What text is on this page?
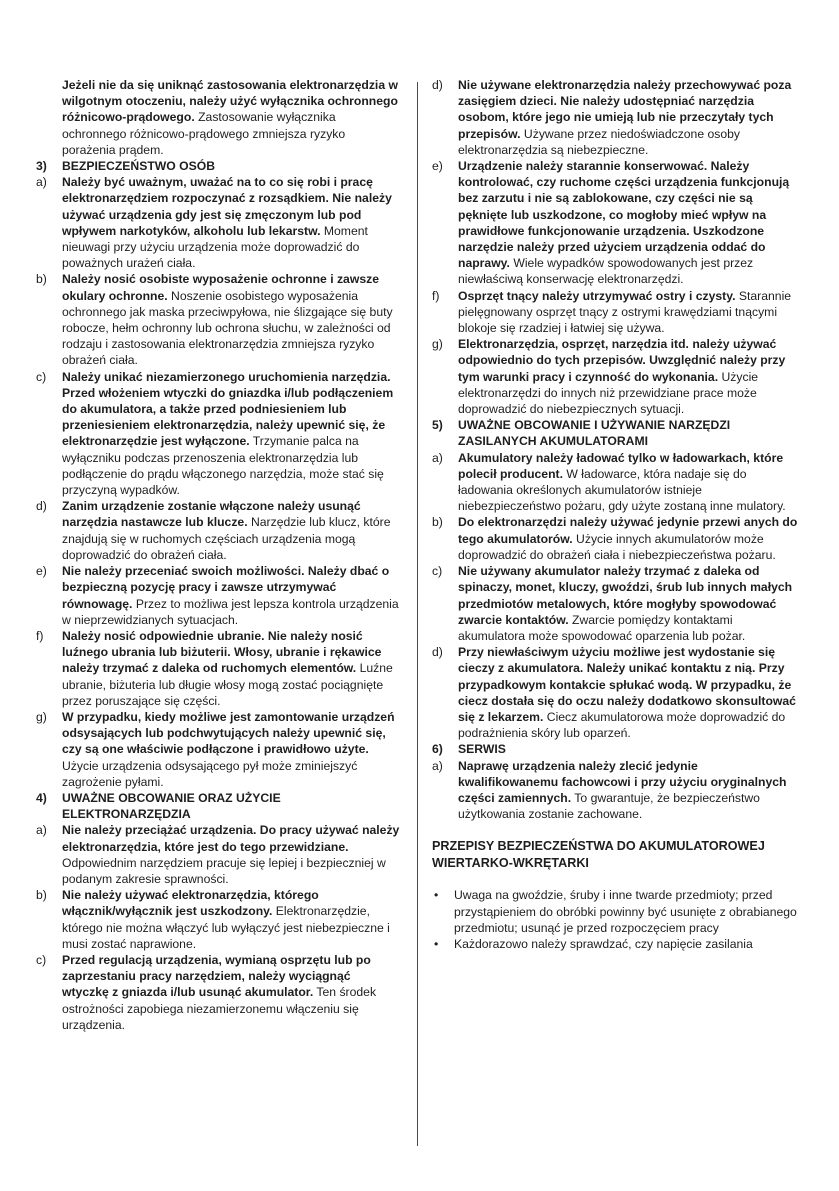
Jeżeli nie da się uniknąć zastosowania elektronarzędzia w wilgotnym otoczeniu, należy użyć wyłącznika ochronnego różnicowo-prądowego. Zastosowanie wyłącznika ochronnego różnicowo-prądowego zmniejsza ryzyko porażenia prądem.

3) BEZPIECZEŃSTWO OSÓB

a) Należy być uważnym, uważać na to co się robi i pracę elektronarzędziem rozpoczynać z rozsądkiem. Nie należy używać urządzenia gdy jest się zmęczonym lub pod wpływem narkotyków, alkoholu lub lekarstw. Moment nieuwagi przy użyciu urządzenia może doprowadzić do poważnych urażeń ciała.

b) Należy nosić osobiste wyposażenie ochronne i zawsze okulary ochronne. Noszenie osobistego wyposażenia ochronnego jak maska przeciwpyłowa, nie ślizgające się buty robocze, hełm ochronny lub ochrona słuchu, w zależności od rodzaju i zastosowania elektronarzędzia zmniejsza ryzyko obrażeń ciała.

c) Należy unikać niezamierzonego uruchomienia narzędzia. Przed włożeniem wtyczki do gniazdka i/lub podłączeniem do akumulatora, a także przed podniesieniem lub przeniesieniem elektronarzędzia, należy upewnić się, że elektronarzędzie jest wyłączone. Trzymanie palca na wyłączniku podczas przenoszenia elektronarzędzia lub podłączenie do prądu włączonego narzędzia, może stać się przyczyną wypadków.

d) Zanim urządzenie zostanie włączone należy usunąć narzędzia nastawcze lub klucze. Narzędzie lub klucz, które znajdują się w ruchomych częściach urządzenia mogą doprowadzić do obrażeń ciała.

e) Nie należy przeceniać swoich możliwości. Należy dbać o bezpieczną pozycję pracy i zawsze utrzymywać równowagę. Przez to możliwa jest lepsza kontrola urządzenia w nieprzewidzianych sytuacjach.

f) Należy nosić odpowiednie ubranie. Nie należy nosić luźnego ubrania lub biżuterii. Włosy, ubranie i rękawice należy trzymać z daleka od ruchomych elementów. Luźne ubranie, biżuteria lub długie włosy mogą zostać pociągnięte przez poruszające się części.

g) W przypadku, kiedy możliwe jest zamontowanie urządzeń odsysających lub podchwytujących należy upewnić się, czy są one właściwie podłączone i prawidłowo użyte. Użycie urządzenia odsysającego pył może zminiejszyć zagrożenie pyłami.

4) UWAŻNE OBCOWANIE ORAZ UŻYCIE ELEKTRONARZĘDZIA

a) Nie należy przeciążać urządzenia. Do pracy używać należy elektronarzędzia, które jest do tego przewidziane. Odpowiednim narzędziem pracuje się lepiej i bezpieczniej w podanym zakresie sprawności.

b) Nie należy używać elektronarzędzia, którego włącznik/wyłącznik jest uszkodzony. Elektronarzędzie, którego nie można włączyć lub wyłączyć jest niebezpieczne i musi zostać naprawione.

c) Przed regulacją urządzenia, wymianą osprzętu lub po zaprzestaniu pracy narzędziem, należy wyciągnąć wtyczkę z gniazda i/lub usunąć akumulator. Ten środek ostrożności zapobiega niezamierzonemu włączeniu się urządzenia.

d) Nie używane elektronarzędzia należy przechowywać poza zasięgiem dzieci. Nie należy udostępniać narzędzia osobom, które jego nie umieją lub nie przeczytały tych przepisów. Używane przez niedoświadczone osoby elektronarzędzia są niebezpieczne.

e) Urządzenie należy starannie konserwować. Należy kontrolować, czy ruchome części urządzenia funkcjonują bez zarzutu i nie są zablokowane, czy części nie są pęknięte lub uszkodzone, co mogłoby mieć wpływ na prawidłowe funkcjonowanie urządzenia. Uszkodzone narzędzie należy przed użyciem urządzenia oddać do naprawy. Wiele wypadków spowodowanych jest przez niewłaściwą konserwację elektronarzędzi.

f) Osprzęt tnący należy utrzymywać ostry i czysty. Starannie pielęgnowany osprzęt tnący z ostrymi krawędziami tnącymi blokoje się rzadziej i łatwiej się używa.

g) Elektronarzędzia, osprzęt, narzędzia itd. należy używać odpowiednio do tych przepisów. Uwzględnić należy przy tym warunki pracy i czynność do wykonania. Użycie elektronarzędzi do innych niż przewidziane prace może doprowadzić do niebezpiecznych sytuacji.

5) UWAŻNE OBCOWANIE I UŻYWANIE NARZĘDZI ZASILANYCH AKUMULATORAMI

a) Akumulatory należy ładować tylko w ładowarkach, które polecił producent. W ładowarce, która nadaje się do ładowania określonych akumulatorów istnieje niebezpieczeństwo pożaru, gdy użyte zostaną inne mulatory.

b) Do elektronarzędzi należy używać jedynie przewi anych do tego akumulatorów. Użycie innych akumulatorów może doprowadzić do obrażeń ciała i niebezpieczeństwa pożaru.

c) Nie używany akumulator należy trzymać z daleka od spinaczy, monet, kluczy, gwoździ, śrub lub innych małych przedmiotów metalowych, które mogłyby spowodować zwarcie kontaktów. Zwarcie pomiędzy kontaktami akumulatora może spowodować oparzenia lub pożar.

d) Przy niewłaściwym użyciu możliwe jest wydostanie się cieczy z akumulatora. Należy unikać kontaktu z nią. Przy przypadkowym kontakcie spłukać wodą. W przypadku, że ciecz dostała się do oczu należy dodatkowo skonsultować się z lekarzem. Ciecz akumulatorowa może doprowadzić do podrażnienia skóry lub oparzeń.

6) SERWIS

a) Naprawę urządzenia należy zlecić jedynie kwalifikowanemu fachowcowi i przy użyciu oryginalnych części zamiennych. To gwarantuje, że bezpieczeństwo użytkowania zostanie zachowane.

PRZEPISY BEZPIECZEŃSTWA DO AKUMULATOROWEJ WIERTARKO-WKRĘTARKI

• Uwaga na gwoździe, śruby i inne twarde przedmioty; przed przystąpieniem do obróbki powinny być usunięte z obrabianego przedmiotu; usunąć je przed rozpoczęciem pracy

• Każdorazowo należy sprawdzać, czy napięcie zasilania
